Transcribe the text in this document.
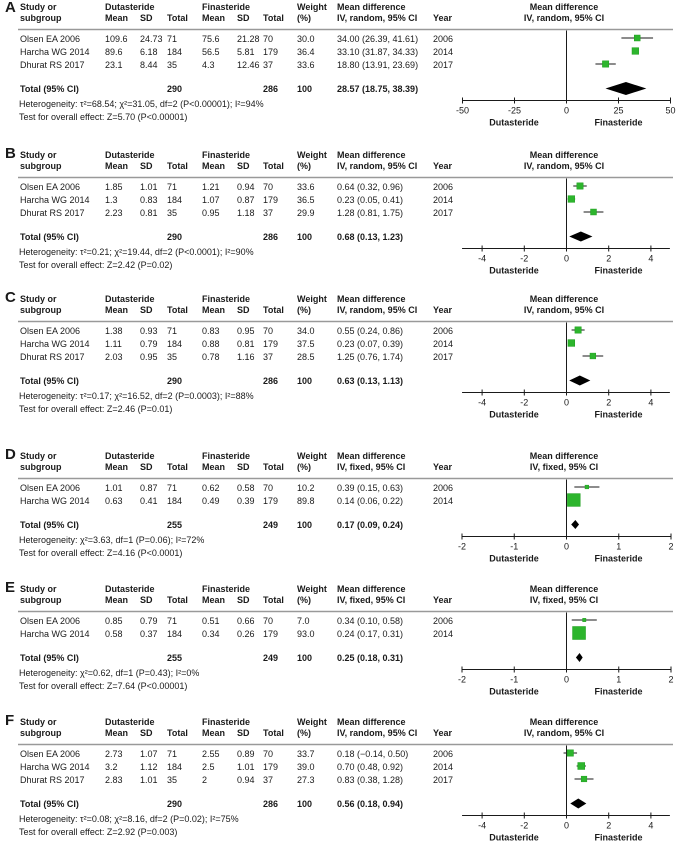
A Study or
subgroup
Dutasteride
Mean SD Total
Finasteride
Mean SD Total
Weight
(%)
Mean difference
IV, random, 95% CI Year
Mean difference
IV, random, 95% CI
Olsen EA 2006	109.6 24.73 71	75.6 21.28 70	30.0 34.00 (26.39, 41.61) 2006
Harcha WG 2014 89.6 6.18 184 56.5 5.81 179 36.4 33.10 (31.87, 34.33) 2014
Dhurat RS 2017 23.1 8.44 35	4.3 12.46 37	33.6 18.80 (13.91, 23.69) 2017
Total (95% CI)	290	286 100	28.57 (18.75, 38.39)
Heterogeneity: τ²=68.54; χ²=31.05, df=2 (P<0.00001); I²=94%
Test for overall effect: Z=5.70 (P<0.00001)
-50	-25	0	25	50
Dutasteride	Finasteride
B Study or
subgroup
Dutasteride
Mean SD Total
Finasteride
Mean SD Total
Weight
(%)
Mean difference
IV, random, 95% CI Year
Mean difference
IV, random, 95% CI
Olsen EA 2006	1.85 1.01 71	1.21 0.94 70	33.6 0.64 (0.32, 0.96)	2006
Harcha WG 2014 1.3 0.83 184 1.07 0.87 179 36.5 0.23 (0.05, 0.41)	2014
Dhurat RS 2017 2.23 0.81 35	0.95 1.18 37	29.9 1.28 (0.81, 1.75)	2017
Total (95% CI)	290	286 100	0.68 (0.13, 1.23)
Heterogeneity: τ²=0.21; χ²=19.44, df=2 (P<0.0001); I²=90%
Test for overall effect: Z=2.42 (P=0.02)
-4	-2	0	2	4
Dutasteride	Finasteride
C Study or
subgroup
Dutasteride
Mean SD Total
Finasteride
Mean SD Total
Weight
(%)
Mean difference
IV, random, 95% CI Year
Mean difference
IV, random, 95% CI
Olsen EA 2006	1.38 0.93 71	0.83 0.95 70	34.0 0.55 (0.24, 0.86)	2006
Harcha WG 2014 1.11 0.79 184 0.88 0.81 179 37.5 0.23 (0.07, 0.39)	2014
Dhurat RS 2017 2.03 0.95 35	0.78 1.16 37	28.5 1.25 (0.76, 1.74)	2017
Total (95% CI)	290	286 100	0.63 (0.13, 1.13)
Heterogeneity: τ²=0.17; χ²=16.52, df=2 (P=0.0003); I²=88%
Test for overall effect: Z=2.46 (P=0.01)
-4	-2	0	2	4
Dutasteride	Finasteride
D Study or
subgroup
Dutasteride
Mean SD Total
Finasteride
Mean SD Total
Weight
(%)
Mean difference
IV, fixed, 95% CI	Year
Mean difference
IV, fixed, 95% CI
Olsen EA 2006	1.01 0.87 71	0.62 0.58 70	10.2 0.39 (0.15, 0.63)	2006
Harcha WG 2014 0.63 0.41 184 0.49 0.39 179 89.8 0.14 (0.06, 0.22)	2014
Total (95% CI)	255	249 100	0.17 (0.09, 0.24)
Heterogeneity: χ²=3.63, df=1 (P=0.06); I²=72%
Test for overall effect: Z=4.16 (P<0.0001)
-2	-1	0	1	2
Dutasteride	Finasteride
E Study or
subgroup
Dutasteride
Mean SD Total
Finasteride
Mean SD Total
Weight
(%)
Mean difference
IV, fixed, 95% CI	Year
Mean difference
IV, fixed, 95% CI
Olsen EA 2006	0.85 0.79 71	0.51 0.66 70	7.0	0.34 (0.10, 0.58)	2006
Harcha WG 2014 0.58 0.37 184 0.34 0.26 179 93.0 0.24 (0.17, 0.31)	2014
Total (95% CI)	255	249 100	0.25 (0.18, 0.31)
Heterogeneity: χ²=0.62, df=1 (P=0.43); I²=0%
Test for overall effect: Z=7.64 (P<0.00001)
-2	-1	0	1	2
Dutasteride	Finasteride
F Study or
subgroup
Dutasteride
Mean SD Total
Finasteride
Mean SD Total
Weight
(%)
Mean difference
IV, random, 95% CI Year
Mean difference
IV, random, 95% CI
Olsen EA 2006	2.73 1.07 71	2.55 0.89 70	33.7 0.18 (−0.14, 0.50)	2006
Harcha WG 2014 3.2 1.12 184 2.5 1.01 179 39.0 0.70 (0.48, 0.92)	2014
Dhurat RS 2017 2.83 1.01 35	2	0.94 37	27.3 0.83 (0.38, 1.28)	2017
Total (95% CI)	290	286 100	0.56 (0.18, 0.94)
Heterogeneity: τ²=0.08; χ²=8.16, df=2 (P=0.02); I²=75%
Test for overall effect: Z=2.92 (P=0.003)
-4	-2	0	2	4
Dutasteride	Finasteride
